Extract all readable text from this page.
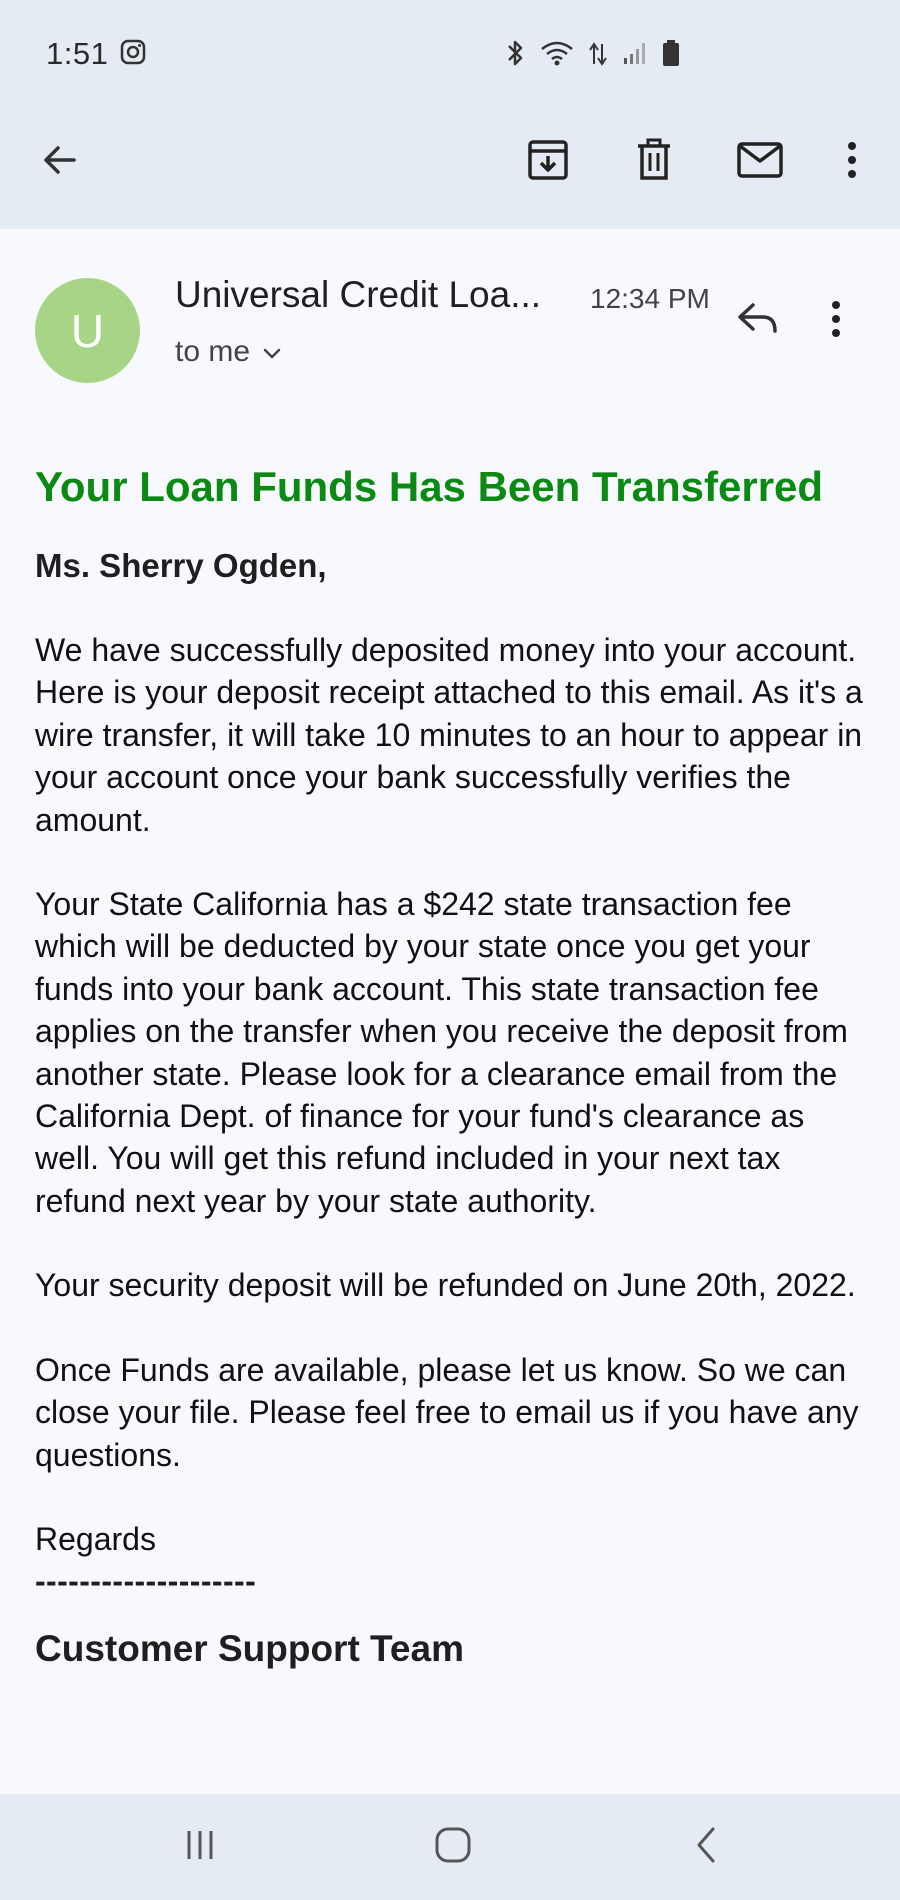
1:51
U
Universal Credit Loa...	12:34 PM
to me
Your Loan Funds Has Been Transferred
Ms. Sherry Ogden,
We have successfully deposited money into your account. Here is your deposit receipt attached to this email. As it's a wire transfer, it will take 10 minutes to an hour to appear in your account once your bank successfully verifies the amount.
Your State California has a $242 state transaction fee which will be deducted by your state once you get your funds into your bank account. This state transaction fee applies on the transfer when you receive the deposit from another state. Please look for a clearance email from the California Dept. of finance for your fund's clearance as well. You will get this refund included in your next tax refund next year by your state authority.
Your security deposit will be refunded on June 20th, 2022.
Once Funds are available, please let us know. So we can close your file. Please feel free to email us if you have any questions.
Regards
--------------------
Customer Support Team
